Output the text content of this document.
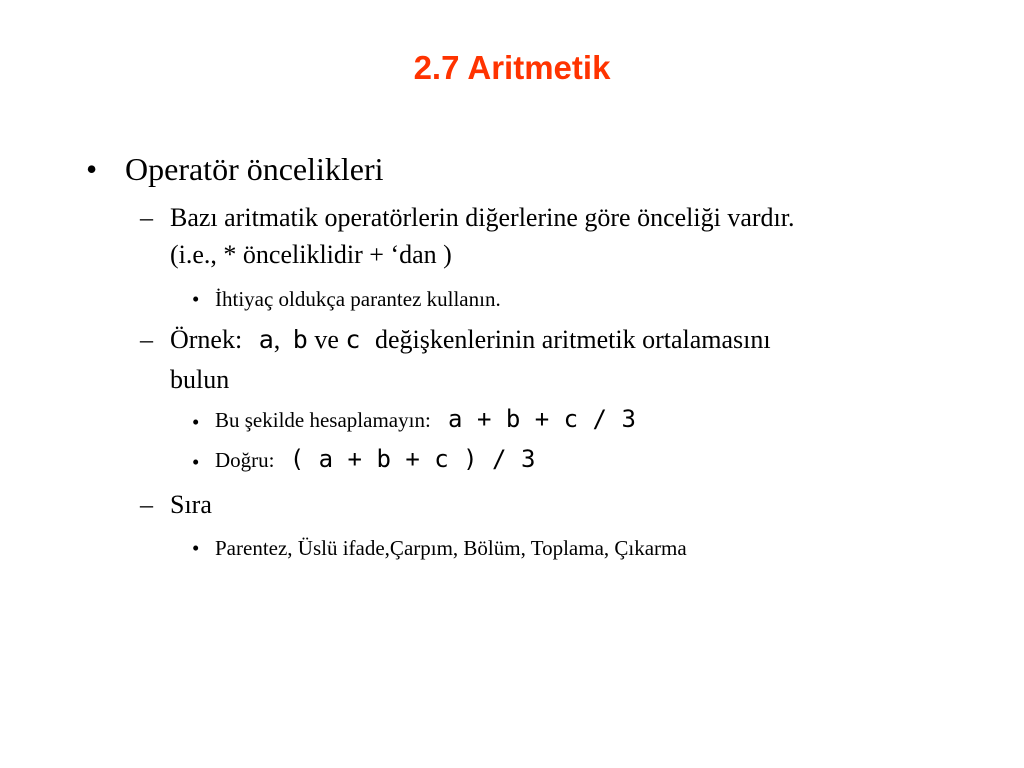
2.7 Aritmetik
• Operatör öncelikleri
– Bazı aritmatik operatörlerin diğerlerine göre önceliği vardır.
(i.e., * önceliklidir + ‘dan )
• İhtiyaç oldukça parantez kullanın.
– Örnek: a, b ve c değişkenlerinin aritmetik ortalamasını
bulun
• Bu şekilde hesaplamayın: a + b + c / 3
• Doğru: ( a + b + c ) / 3
– Sıra
• Parentez, Üslü ifade,Çarpım, Bölüm, Toplama, Çıkarma
